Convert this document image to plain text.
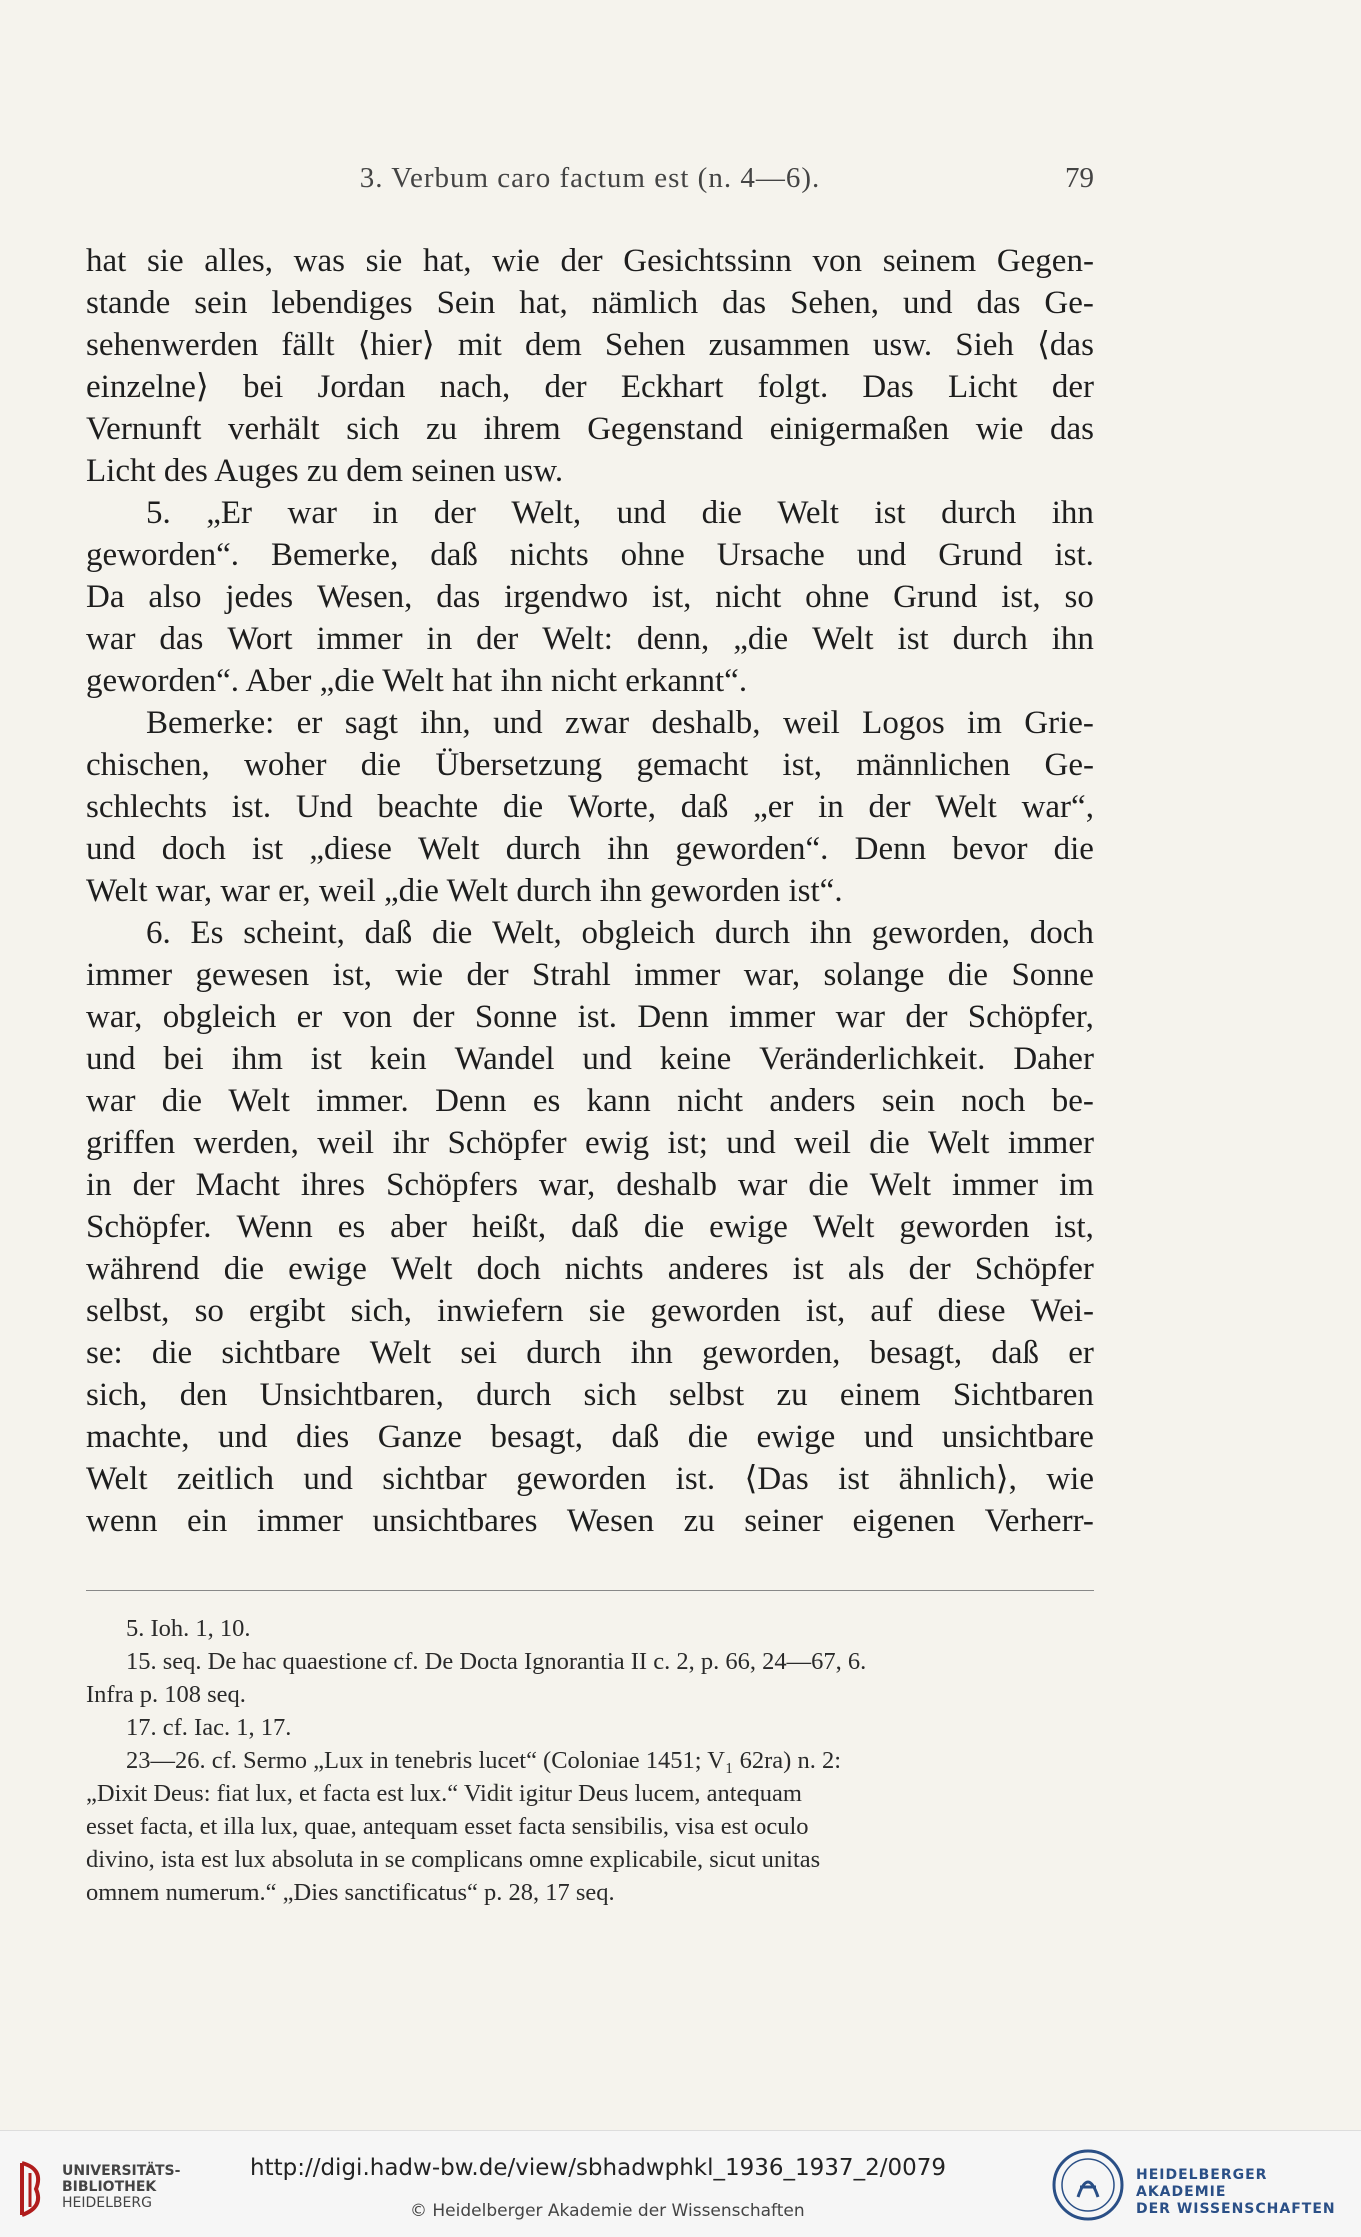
3. Verbum caro factum est (n. 4—6).	79
hat sie alles, was sie hat, wie der Gesichtssinn von seinem Gegen-
stande sein lebendiges Sein hat, nämlich das Sehen, und das Ge-
sehenwerden fällt ⟨hier⟩ mit dem Sehen zusammen usw. Sieh ⟨das
einzelne⟩ bei Jordan nach, der Eckhart folgt. Das Licht der
Vernunft verhält sich zu ihrem Gegenstand einigermaßen wie das
Licht des Auges zu dem seinen usw.
5. „Er war in der Welt, und die Welt ist durch ihn
geworden“. Bemerke, daß nichts ohne Ursache und Grund ist.
Da also jedes Wesen, das irgendwo ist, nicht ohne Grund ist, so
war das Wort immer in der Welt: denn, „die Welt ist durch ihn
geworden“. Aber „die Welt hat ihn nicht erkannt“.
Bemerke: er sagt ihn, und zwar deshalb, weil Logos im Grie-
chischen, woher die Übersetzung gemacht ist, männlichen Ge-
schlechts ist. Und beachte die Worte, daß „er in der Welt war“,
und doch ist „diese Welt durch ihn geworden“. Denn bevor die
Welt war, war er, weil „die Welt durch ihn geworden ist“.
6. Es scheint, daß die Welt, obgleich durch ihn geworden, doch
immer gewesen ist, wie der Strahl immer war, solange die Sonne
war, obgleich er von der Sonne ist. Denn immer war der Schöpfer,
und bei ihm ist kein Wandel und keine Veränderlichkeit. Daher
war die Welt immer. Denn es kann nicht anders sein noch be-
griffen werden, weil ihr Schöpfer ewig ist; und weil die Welt immer
in der Macht ihres Schöpfers war, deshalb war die Welt immer im
Schöpfer. Wenn es aber heißt, daß die ewige Welt geworden ist,
während die ewige Welt doch nichts anderes ist als der Schöpfer
selbst, so ergibt sich, inwiefern sie geworden ist, auf diese Wei-
se: die sichtbare Welt sei durch ihn geworden, besagt, daß er
sich, den Unsichtbaren, durch sich selbst zu einem Sichtbaren
machte, und dies Ganze besagt, daß die ewige und unsichtbare
Welt zeitlich und sichtbar geworden ist. ⟨Das ist ähnlich⟩, wie
wenn ein immer unsichtbares Wesen zu seiner eigenen Verherr-
5. Ioh. 1, 10.
15. seq. De hac quaestione cf. De Docta Ignorantia II c. 2, p. 66, 24—67, 6.
Infra p. 108 seq.
17. cf. Iac. 1, 17.
23—26. cf. Sermo „Lux in tenebris lucet“ (Coloniae 1451; V₁ 62ra) n. 2:
„Dixit Deus: fiat lux, et facta est lux.“ Vidit igitur Deus lucem, antequam
esset facta, et illa lux, quae, antequam esset facta sensibilis, visa est oculo
divino, ista est lux absoluta in se complicans omne explicabile, sicut unitas
omnem numerum.“ „Dies sanctificatus“ p. 28, 17 seq.
UNIVERSITÄTS-
BIBLIOTHEK
HEIDELBERG
http://digi.hadw-bw.de/view/sbhadwphkl_1936_1937_2/0079
© Heidelberger Akademie der Wissenschaften
HEIDELBERGER AKADEMIE
DER WISSENSCHAFTEN
